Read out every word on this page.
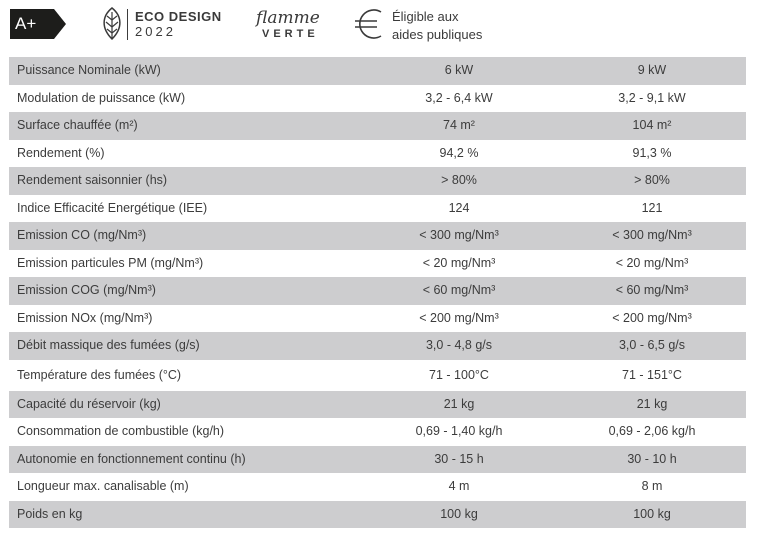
A+	ECO DESIGN
2022
flamme
VERTE
Éligible aux
aides publiques
Puissance Nominale (kW)	6 kW	9 kW
Modulation de puissance (kW)	3,2 - 6,4 kW	3,2 - 9,1 kW
Surface chauffée (m²)	74 m²	104 m²
Rendement (%)	94,2 %	91,3 %
Rendement saisonnier (hs)	> 80%	> 80%
Indice Efficacité Energétique (IEE)	124	121
Emission CO (mg/Nm³)	< 300 mg/Nm³	< 300 mg/Nm³
Emission particules PM (mg/Nm³)	< 20 mg/Nm³	< 20 mg/Nm³
Emission COG (mg/Nm³)	< 60 mg/Nm³	< 60 mg/Nm³
Emission NOx (mg/Nm³)	< 200 mg/Nm³	< 200 mg/Nm³
Débit massique des fumées (g/s)	3,0 - 4,8 g/s	3,0 - 6,5 g/s
Température des fumées (°C)	71 - 100°C	71 - 151°C
Capacité du réservoir (kg)	21 kg	21 kg
Consommation de combustible (kg/h)	0,69 - 1,40 kg/h	0,69 - 2,06 kg/h
Autonomie en fonctionnement continu (h)	30 - 15 h	30 - 10 h
Longueur max. canalisable (m)	4 m	8 m
Poids en kg	100 kg	100 kg
